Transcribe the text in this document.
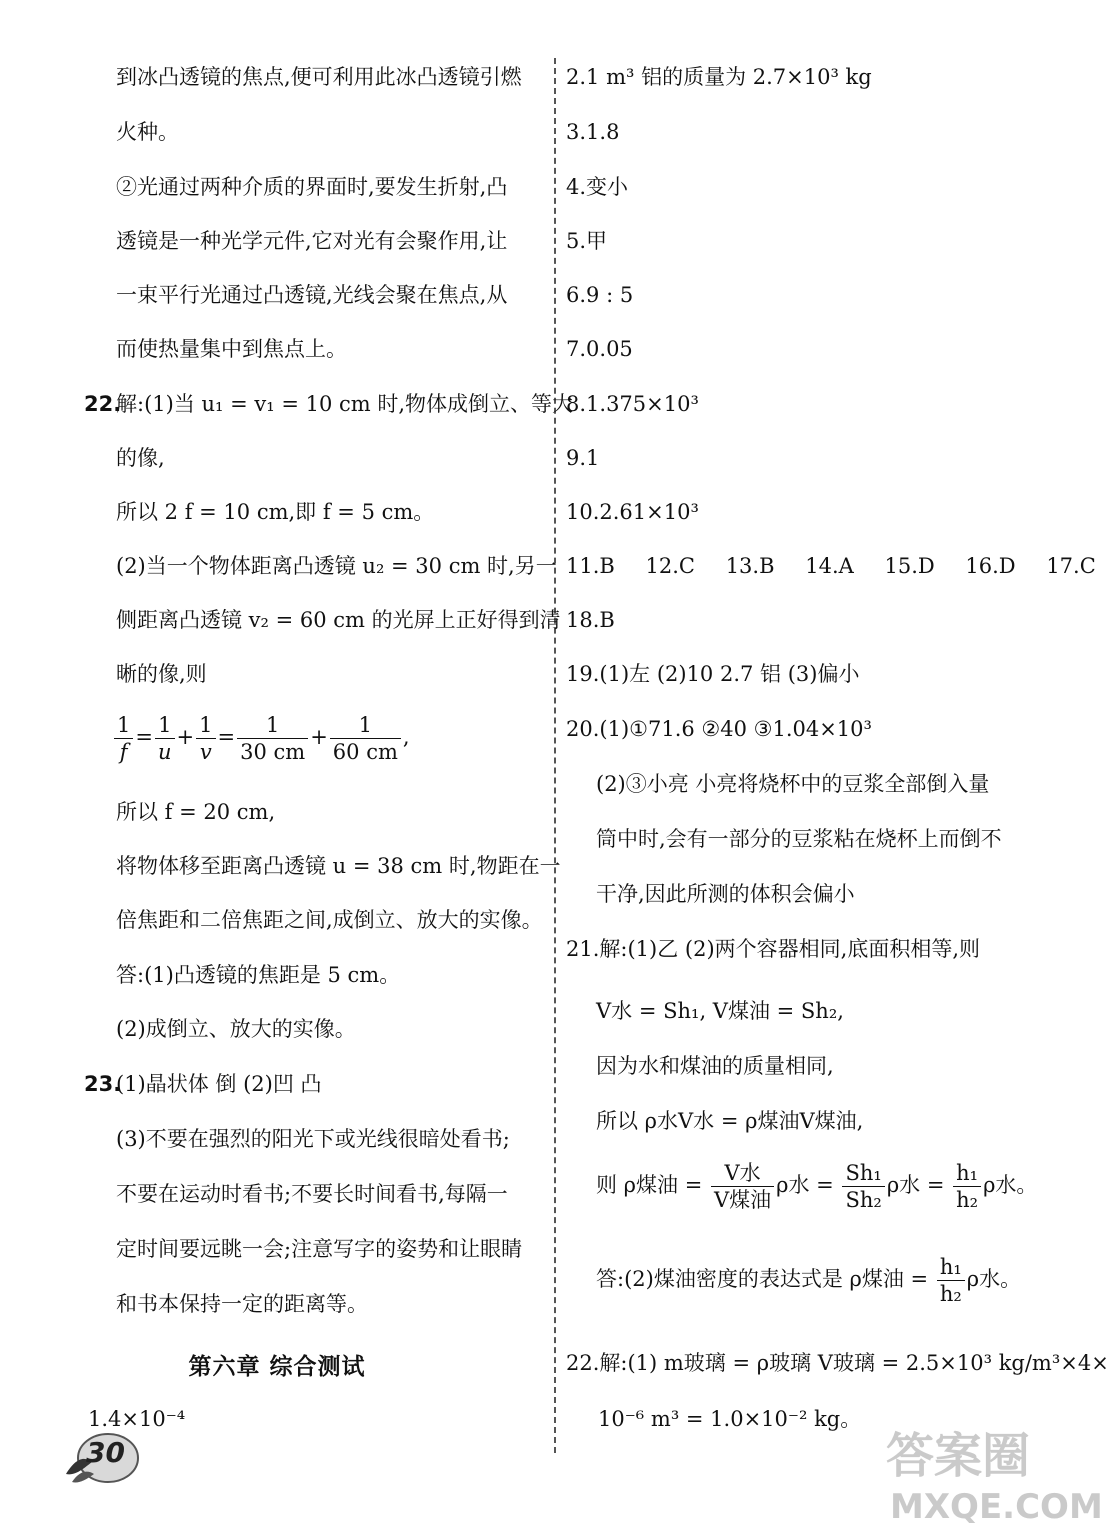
到冰凸透镜的焦点,便可利用此冰凸透镜引燃
火种。
②光通过两种介质的界面时,要发生折射,凸
透镜是一种光学元件,它对光有会聚作用,让
一束平行光通过凸透镜,光线会聚在焦点,从
而使热量集中到焦点上。
22.
解:(1)当 u₁ = v₁ = 10 cm 时,物体成倒立、等大
的像,
所以 2 f = 10 cm,即 f = 5 cm。
(2)当一个物体距离凸透镜 u₂ = 30 cm 时,另一
侧距离凸透镜 v₂ = 60 cm 的光屏上正好得到清
晰的像,则
$\frac{1}{f} = \frac{1}{u} + \frac{1}{v} = \frac{1}{30 cm} + \frac{1}{60 cm}$ ,
所以 f = 20 cm,
将物体移至距离凸透镜 u = 38 cm 时,物距在一
倍焦距和二倍焦距之间,成倒立、放大的实像。
答:(1)凸透镜的焦距是 5 cm。
(2)成倒立、放大的实像。
23.
(1)晶状体 倒 (2)凹 凸
(3)不要在强烈的阳光下或光线很暗处看书;
不要在运动时看书;不要长时间看书,每隔一
定时间要远眺一会;注意写字的姿势和让眼睛
和书本保持一定的距离等。
第六章 综合测试
1.4×10⁻⁴
2.1 m³ 铝的质量为 2.7×10³ kg
3.1.8
4.变小
5.甲
6.9 : 5
7.0.05
8.1.375×10³
9.1
10.2.61×10³
11.B 12.C 13.B 14.A 15.D 16.D 17.C
18.B
19.(1)左 (2)10 2.7 铝 (3)偏小
20.(1)①71.6 ②40 ③1.04×10³
(2)③小亮 小亮将烧杯中的豆浆全部倒入量
筒中时,会有一部分的豆浆粘在烧杯上而倒不
干净,因此所测的体积会偏小
21.解:(1)乙 (2)两个容器相同,底面积相等,则
V水 = Sh₁, V煤油 = Sh₂,
因为水和煤油的质量相同,
所以 ρ水V水 = ρ煤油V煤油,
则 ρ煤油 = $\frac{\text{V水}}{\text{V煤油}}$ ρ水 = $\frac{\text{Sh₁}}{\text{Sh₂}}$ ρ水 = $\frac{\text{h₁}}{\text{h₂}}$ ρ水。
答:(2)煤油密度的表达式是 ρ煤油 = $\frac{\text{h₁}}{\text{h₂}}$ ρ水。
22.解:(1) m玻璃 = ρ玻璃 V玻璃 = 2.5×10³ kg/m³×4×
10⁻⁶ m³ = 1.0×10⁻² kg。
30	答案圈
MXQE.COM
